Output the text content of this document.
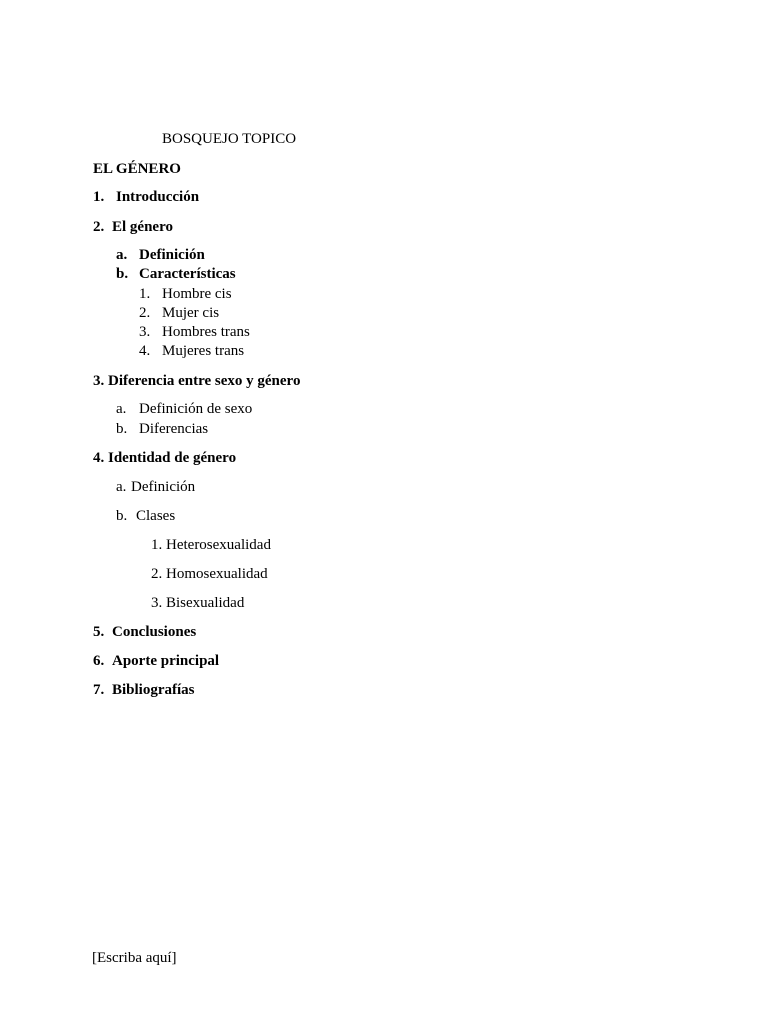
BOSQUEJO TOPICO
EL GÉNERO
1. Introducción
2. El género
a. Definición
b. Características
1. Hombre cis
2. Mujer cis
3. Hombres trans
4. Mujeres trans
3. Diferencia entre sexo y género
a. Definición de sexo
b. Diferencias
4. Identidad de género
a. Definición
b. Clases
1. Heterosexualidad
2. Homosexualidad
3. Bisexualidad
5. Conclusiones
6. Aporte principal
7. Bibliografías
[Escriba aquí]
